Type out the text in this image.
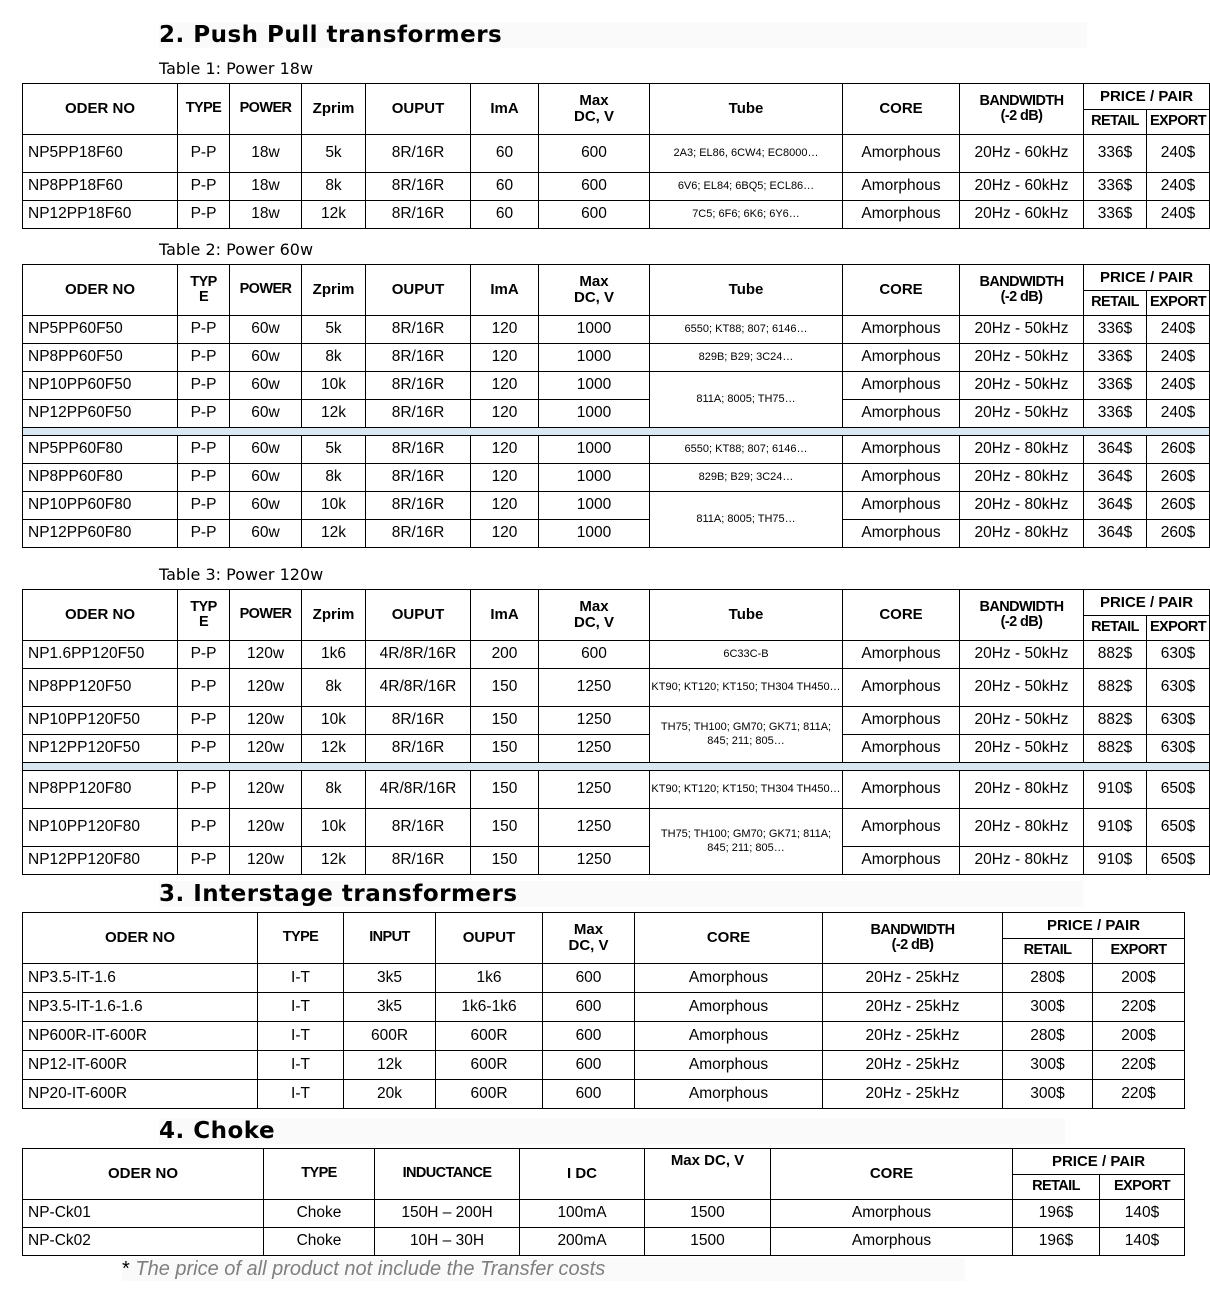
2. Push Pull transformers
Table 1: Power 18w
ODER NO	TYPE	POWER	Zprim	OUPUT	ImA	Max
DC, V	Tube	CORE	BANDWIDTH
(-2 dB)	PRICE / PAIR	
										RETAIL	EXPORT
NP5PP18F60	P-P	18w	5k	8R/16R	60	600	2A3; EL86, 6CW4; EC8000…	Amorphous	20Hz - 60kHz	336$	240$
NP8PP18F60	P-P	18w	8k	8R/16R	60	600	6V6; EL84; 6BQ5; ECL86…	Amorphous	20Hz - 60kHz	336$	240$
NP12PP18F60	P-P	18w	12k	8R/16R	60	600	7C5; 6F6; 6K6; 6Y6…	Amorphous	20Hz - 60kHz	336$	240$
Table 2: Power 60w
ODER NO	TYP
E	POWER	Zprim	OUPUT	ImA	Max
DC, V	Tube	CORE	BANDWIDTH
(-2 dB)	PRICE / PAIR	
										RETAIL	EXPORT
NP5PP60F50	P-P	60w	5k	8R/16R	120	1000	6550; KT88; 807; 6146…	Amorphous	20Hz - 50kHz	336$	240$
NP8PP60F50	P-P	60w	8k	8R/16R	120	1000	829B; B29; 3C24…	Amorphous	20Hz - 50kHz	336$	240$
NP10PP60F50	P-P	60w	10k	8R/16R	120	1000	811A; 8005; TH75…	Amorphous	20Hz - 50kHz	336$	240$
NP12PP60F50	P-P	60w	12k	8R/16R	120	1000		Amorphous	20Hz - 50kHz	336$	240$

NP5PP60F80	P-P	60w	5k	8R/16R	120	1000	6550; KT88; 807; 6146…	Amorphous	20Hz - 80kHz	364$	260$
NP8PP60F80	P-P	60w	8k	8R/16R	120	1000	829B; B29; 3C24…	Amorphous	20Hz - 80kHz	364$	260$
NP10PP60F80	P-P	60w	10k	8R/16R	120	1000	811A; 8005; TH75…	Amorphous	20Hz - 80kHz	364$	260$
NP12PP60F80	P-P	60w	12k	8R/16R	120	1000		Amorphous	20Hz - 80kHz	364$	260$
Table 3: Power 120w
ODER NO	TYP
E	POWER	Zprim	OUPUT	ImA	Max
DC, V	Tube	CORE	BANDWIDTH
(-2 dB)	PRICE / PAIR	
										RETAIL	EXPORT
NP1.6PP120F50	P-P	120w	1k6	4R/8R/16R	200	600	6C33C-B	Amorphous	20Hz - 50kHz	882$	630$
NP8PP120F50	P-P	120w	8k	4R/8R/16R	150	1250	KT90; KT120; KT150; TH304 TH450…	Amorphous	20Hz - 50kHz	882$	630$
NP10PP120F50	P-P	120w	10k	8R/16R	150	1250	TH75; TH100; GM70; GK71; 811A; 845; 211; 805…	Amorphous	20Hz - 50kHz	882$	630$
NP12PP120F50	P-P	120w	12k	8R/16R	150	1250		Amorphous	20Hz - 50kHz	882$	630$

NP8PP120F80	P-P	120w	8k	4R/8R/16R	150	1250	KT90; KT120; KT150; TH304 TH450…	Amorphous	20Hz - 80kHz	910$	650$
NP10PP120F80	P-P	120w	10k	8R/16R	150	1250	TH75; TH100; GM70; GK71; 811A; 845; 211; 805…	Amorphous	20Hz - 80kHz	910$	650$
NP12PP120F80	P-P	120w	12k	8R/16R	150	1250		Amorphous	20Hz - 80kHz	910$	650$
3. Interstage transformers
ODER NO	TYPE	INPUT	OUPUT	Max
DC, V	CORE	BANDWIDTH
(-2 dB)	PRICE / PAIR	
							RETAIL	EXPORT
NP3.5-IT-1.6	I-T	3k5	1k6	600	Amorphous	20Hz - 25kHz	280$	200$
NP3.5-IT-1.6-1.6	I-T	3k5	1k6-1k6	600	Amorphous	20Hz - 25kHz	300$	220$
NP600R-IT-600R	I-T	600R	600R	600	Amorphous	20Hz - 25kHz	280$	200$
NP12-IT-600R	I-T	12k	600R	600	Amorphous	20Hz - 25kHz	300$	220$
NP20-IT-600R	I-T	20k	600R	600	Amorphous	20Hz - 25kHz	300$	220$
4. Choke
ODER NO	TYPE	INDUCTANCE	I DC	Max DC, V	CORE	PRICE / PAIR	
						RETAIL	EXPORT
NP-Ck01	Choke	150H – 200H	100mA	1500	Amorphous	196$	140$
NP-Ck02	Choke	10H – 30H	200mA	1500	Amorphous	196$	140$
* The price of all product not include the Transfer costs
